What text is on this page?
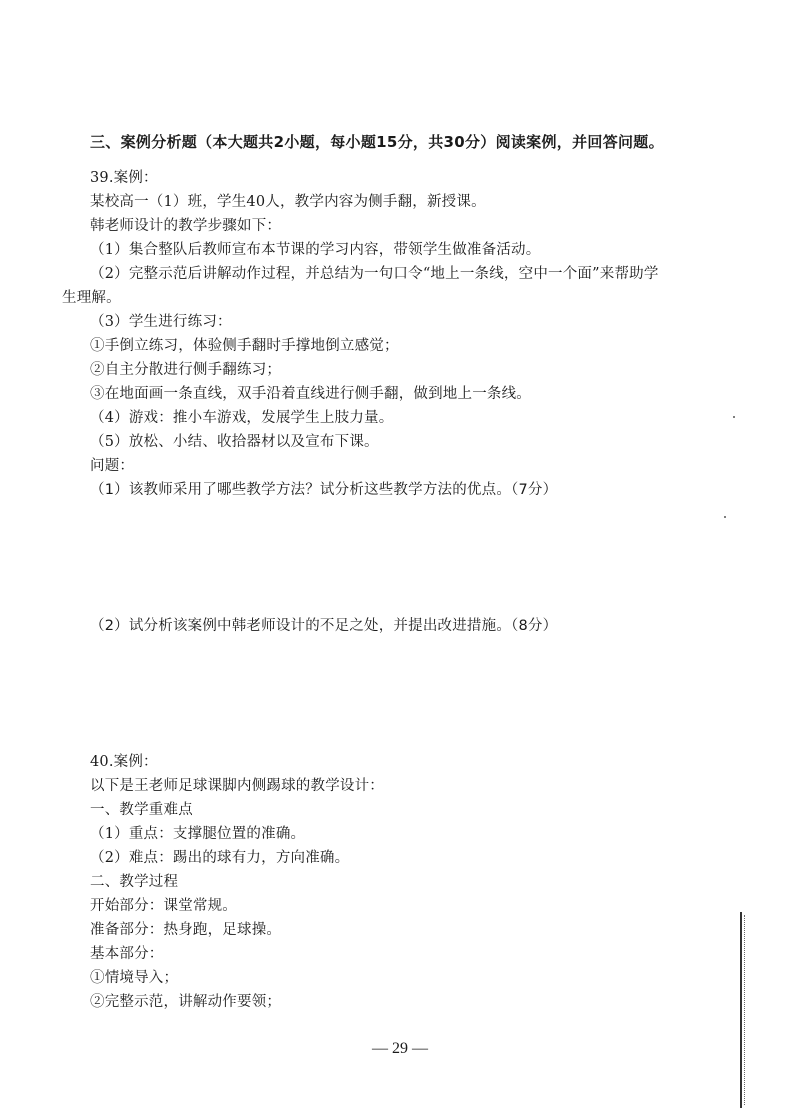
三、案例分析题（本大题共2小题，每小题15分，共30分）阅读案例，并回答问题。
39.案例：
某校高一（1）班，学生40人，教学内容为侧手翻，新授课。
韩老师设计的教学步骤如下：
（1）集合整队后教师宣布本节课的学习内容，带领学生做准备活动。
（2）完整示范后讲解动作过程，并总结为一句口令“地上一条线，空中一个面”来帮助学
生理解。
（3）学生进行练习：
①手倒立练习，体验侧手翻时手撑地倒立感觉；
②自主分散进行侧手翻练习；
③在地面画一条直线，双手沿着直线进行侧手翻，做到地上一条线。
（4）游戏：推小车游戏，发展学生上肢力量。
（5）放松、小结、收拾器材以及宣布下课。
问题：
（1）该教师采用了哪些教学方法？试分析这些教学方法的优点。（7分）
（2）试分析该案例中韩老师设计的不足之处，并提出改进措施。（8分）
40.案例：
以下是王老师足球课脚内侧踢球的教学设计：
一、教学重难点
（1）重点：支撑腿位置的准确。
（2）难点：踢出的球有力，方向准确。
二、教学过程
开始部分：课堂常规。
准备部分：热身跑，足球操。
基本部分：
①情境导入；
②完整示范，讲解动作要领；
— 29 —
